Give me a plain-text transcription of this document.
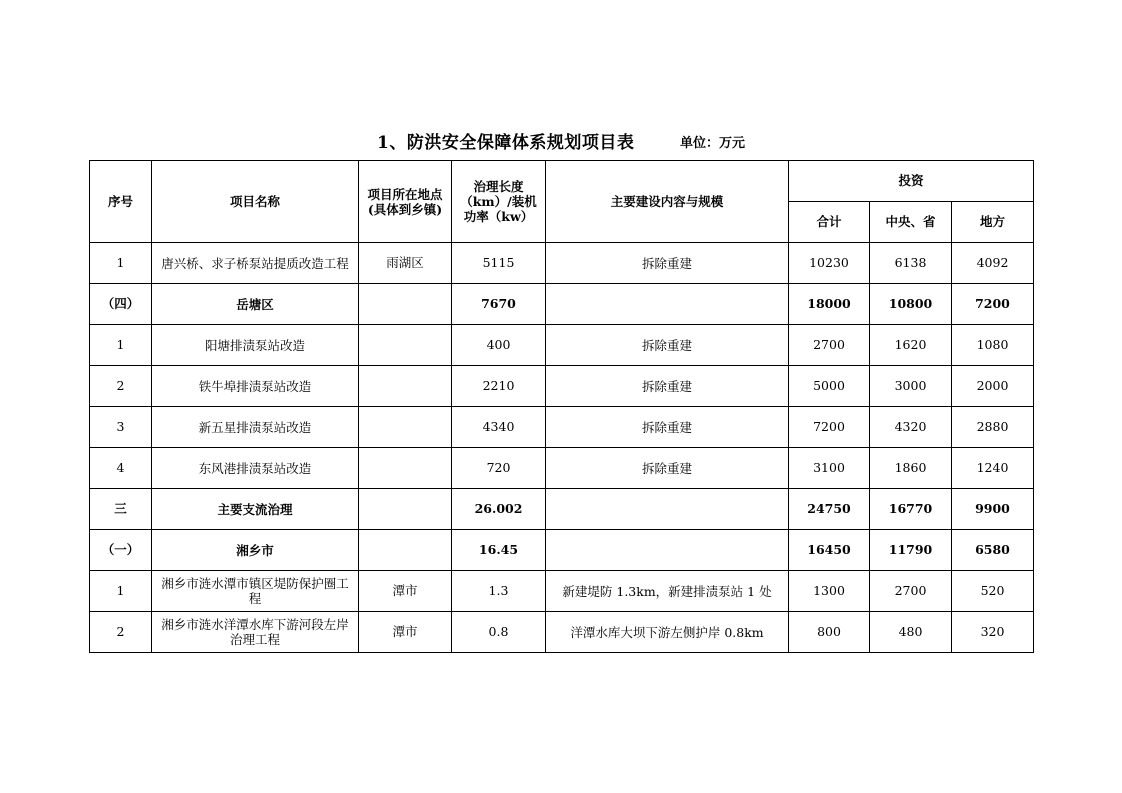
1、防洪安全保障体系规划项目表	单位：万元
序号	项目名称	项目所在地点(具体到乡镇)	治理长度（km）/装机功率（kw）	主要建设内容与规模	投资		
					合计	中央、省	地方
1	唐兴桥、求子桥泵站提质改造工程	雨湖区	5115	拆除重建	10230	6138	4092
（四）	岳塘区		7670		18000	10800	7200
1	阳塘排渍泵站改造		400	拆除重建	2700	1620	1080
2	铁牛埠排渍泵站改造		2210	拆除重建	5000	3000	2000
3	新五星排渍泵站改造		4340	拆除重建	7200	4320	2880
4	东风港排渍泵站改造		720	拆除重建	3100	1860	1240
三	主要支流治理		26.002		24750	16770	9900
（一）	湘乡市		16.45		16450	11790	6580
1	湘乡市涟水潭市镇区堤防保护圈工程	潭市	1.3	新建堤防 1.3km，新建排渍泵站 1 处	1300	2700	520
2	湘乡市涟水洋潭水库下游河段左岸治理工程	潭市	0.8	洋潭水库大坝下游左侧护岸 0.8km	800	480	320
